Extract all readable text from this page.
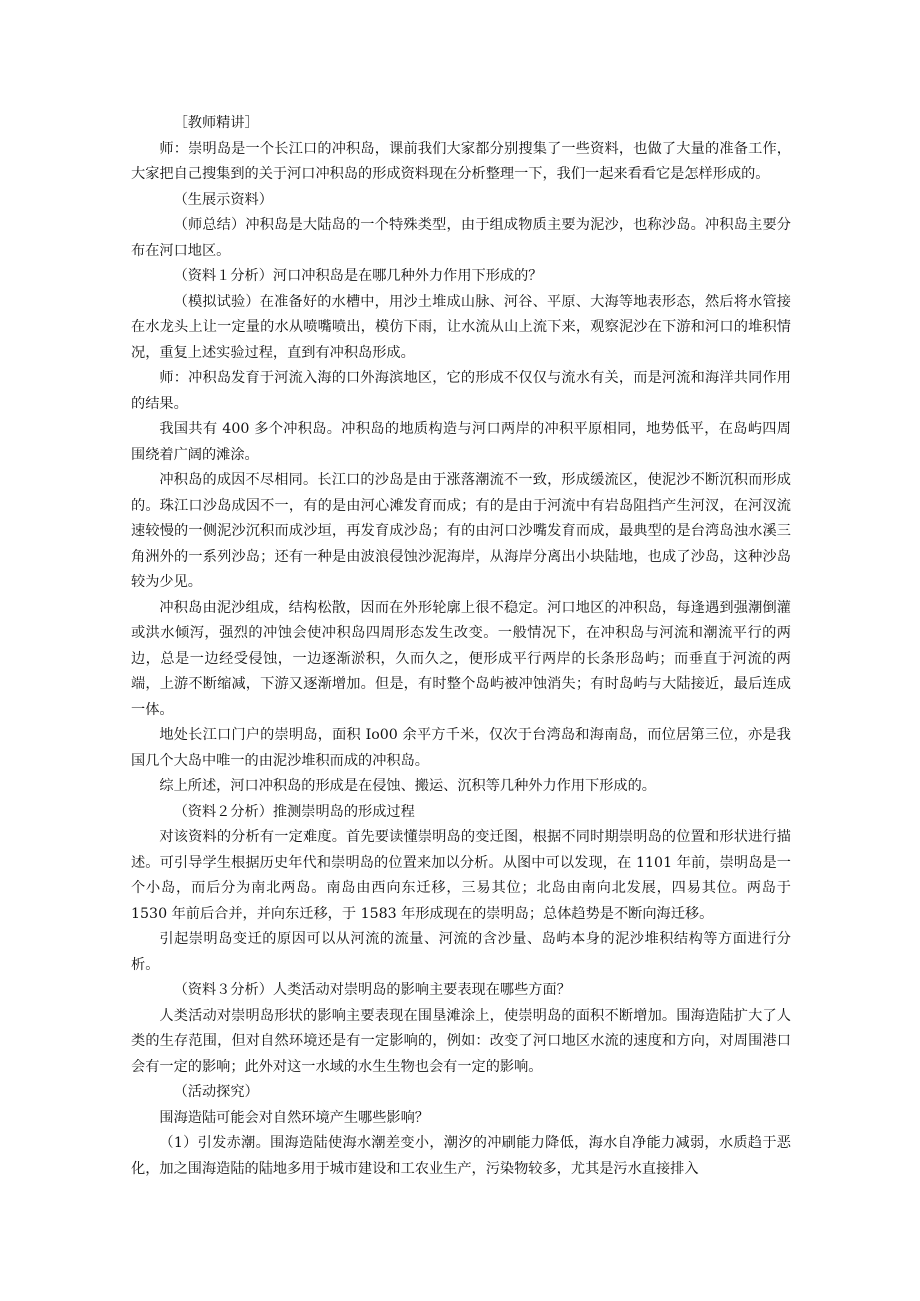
［教师精讲］

师：崇明岛是一个长江口的冲积岛，课前我们大家都分别搜集了一些资料，也做了大量的准备工作，大家把自己搜集到的关于河口冲积岛的形成资料现在分析整理一下，我们一起来看看它是怎样形成的。

（生展示资料）

（师总结）冲积岛是大陆岛的一个特殊类型，由于组成物质主要为泥沙，也称沙岛。冲积岛主要分布在河口地区。

（资料１分析）河口冲积岛是在哪几种外力作用下形成的？

（模拟试验）在准备好的水槽中，用沙土堆成山脉、河谷、平原、大海等地表形态，然后将水管接在水龙头上让一定量的水从喷嘴喷出，模仿下雨，让水流从山上流下来，观察泥沙在下游和河口的堆积情况，重复上述实验过程，直到有冲积岛形成。

师：冲积岛发育于河流入海的口外海滨地区，它的形成不仅仅与流水有关，而是河流和海洋共同作用的结果。

我国共有 400 多个冲积岛。冲积岛的地质构造与河口两岸的冲积平原相同，地势低平，在岛屿四周围绕着广阔的滩涂。

冲积岛的成因不尽相同。长江口的沙岛是由于涨落潮流不一致，形成缓流区，使泥沙不断沉积而形成的。珠江口沙岛成因不一，有的是由河心滩发育而成；有的是由于河流中有岩岛阻挡产生河汊，在河汊流速较慢的一侧泥沙沉积而成沙垣，再发育成沙岛；有的由河口沙嘴发育而成，最典型的是台湾岛浊水溪三角洲外的一系列沙岛；还有一种是由波浪侵蚀沙泥海岸，从海岸分离出小块陆地，也成了沙岛，这种沙岛较为少见。

冲积岛由泥沙组成，结构松散，因而在外形轮廓上很不稳定。河口地区的冲积岛，每逢遇到强潮倒灌或洪水倾泻，强烈的冲蚀会使冲积岛四周形态发生改变。一般情况下，在冲积岛与河流和潮流平行的两边，总是一边经受侵蚀，一边逐渐淤积，久而久之，便形成平行两岸的长条形岛屿；而垂直于河流的两端，上游不断缩减，下游又逐渐增加。但是，有时整个岛屿被冲蚀消失；有时岛屿与大陆接近，最后连成一体。

地处长江口门户的崇明岛，面积 Io00 余平方千米，仅次于台湾岛和海南岛，而位居第三位，亦是我国几个大岛中唯一的由泥沙堆积而成的冲积岛。

综上所述，河口冲积岛的形成是在侵蚀、搬运、沉积等几种外力作用下形成的。

（资料２分析）推测崇明岛的形成过程

对该资料的分析有一定难度。首先要读懂崇明岛的变迁图，根据不同时期崇明岛的位置和形状进行描述。可引导学生根据历史年代和崇明岛的位置来加以分析。从图中可以发现，在 1101 年前，崇明岛是一个小岛，而后分为南北两岛。南岛由西向东迁移，三易其位；北岛由南向北发展，四易其位。两岛于 1530 年前后合并，并向东迁移，于 1583 年形成现在的崇明岛；总体趋势是不断向海迁移。

引起崇明岛变迁的原因可以从河流的流量、河流的含沙量、岛屿本身的泥沙堆积结构等方面进行分析。

（资料３分析）人类活动对崇明岛的影响主要表现在哪些方面？

人类活动对崇明岛形状的影响主要表现在围垦滩涂上，使崇明岛的面积不断增加。围海造陆扩大了人类的生存范围，但对自然环境还是有一定影响的，例如：改变了河口地区水流的速度和方向，对周围港口会有一定的影响；此外对这一水域的水生生物也会有一定的影响。

（活动探究）

围海造陆可能会对自然环境产生哪些影响？

（1）引发赤潮。围海造陆使海水潮差变小，潮汐的冲刷能力降低，海水自净能力减弱，水质趋于恶化，加之围海造陆的陆地多用于城市建设和工农业生产，污染物较多，尤其是污水直接排入
